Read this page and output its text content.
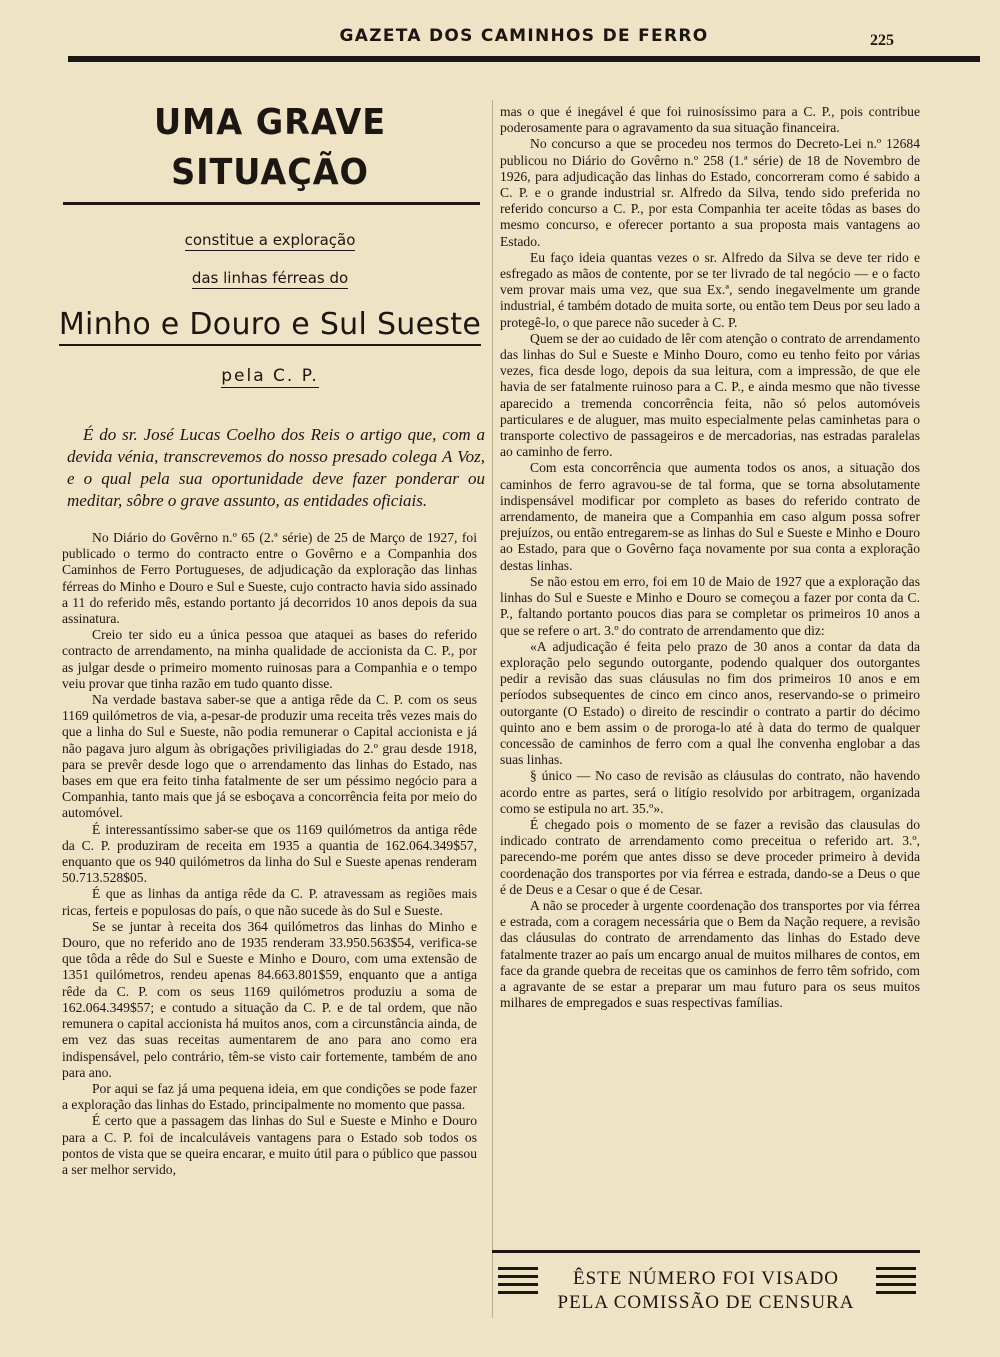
GAZETA DOS CAMINHOS DE FERRO	225
UMA GRAVE SITUAÇÃO

constitue a exploração

das linhas férreas do

Minho e Douro e Sul Sueste

pela C. P.

É do sr. José Lucas Coelho dos Reis o artigo que, com a devida vénia, transcrevemos do nosso presado colega A Voz, e o qual pela sua oportunidade deve fazer ponderar ou meditar, sôbre o grave assunto, as entidades oficiais.

No Diário do Govêrno n.º 65 (2.ª série) de 25 de Março de 1927, foi publicado o termo do contracto entre o Govêrno e a Companhia dos Caminhos de Ferro Portugueses, de adjudicação da exploração das linhas férreas do Minho e Douro e Sul e Sueste, cujo contracto havia sido assinado a 11 do referido mês, estando portanto já decorridos 10 anos depois da sua assinatura.

Creio ter sido eu a única pessoa que ataquei as bases do referido contracto de arrendamento, na minha qualidade de accionista da C. P., por as julgar desde o primeiro momento ruinosas para a Companhia e o tempo veiu provar que tinha razão em tudo quanto disse.

Na verdade bastava saber-se que a antiga rêde da C. P. com os seus 1169 quilómetros de via, a-pesar-de produzir uma receita três vezes mais do que a linha do Sul e Sueste, não podia remunerar o Capital accionista e já não pagava juro algum às obrigações priviligiadas do 2.º grau desde 1918, para se prevêr desde logo que o arrendamento das linhas do Estado, nas bases em que era feito tinha fatalmente de ser um péssimo negócio para a Companhia, tanto mais que já se esboçava a concorrência feita por meio do automóvel.

É interessantíssimo saber-se que os 1169 quilómetros da antiga rêde da C. P. produziram de receita em 1935 a quantia de 162.064.349$57, enquanto que os 940 quilómetros da linha do Sul e Sueste apenas renderam 50.713.528$05.

É que as linhas da antiga rêde da C. P. atravessam as regiões mais ricas, ferteis e populosas do país, o que não sucede às do Sul e Sueste.

Se se juntar à receita dos 364 quilómetros das linhas do Minho e Douro, que no referido ano de 1935 renderam 33.950.563$54, verifica-se que tôda a rêde do Sul e Sueste e Minho e Douro, com uma extensão de 1351 quilómetros, rendeu apenas 84.663.801$59, enquanto que a antiga rêde da C. P. com os seus 1169 quilómetros produziu a soma de 162.064.349$57; e contudo a situação da C. P. e de tal ordem, que não remunera o capital accionista há muitos anos, com a circunstância ainda, de em vez das suas receitas aumentarem de ano para ano como era indispensável, pelo contrário, têm-se visto cair fortemente, também de ano para ano.

Por aqui se faz já uma pequena ideia, em que condições se pode fazer a exploração das linhas do Estado, principalmente no momento que passa.

É certo que a passagem das linhas do Sul e Sueste e Minho e Douro para a C. P. foi de incalculáveis vantagens para o Estado sob todos os pontos de vista que se queira encarar, e muito útil para o público que passou a ser melhor servido,

mas o que é inegável é que foi ruinosíssimo para a C. P., pois contribue poderosamente para o agravamento da sua situação financeira.

No concurso a que se procedeu nos termos do Decreto-Lei n.º 12684 publicou no Diário do Govêrno n.º 258 (1.ª série) de 18 de Novembro de 1926, para adjudicação das linhas do Estado, concorreram como é sabido a C. P. e o grande industrial sr. Alfredo da Silva, tendo sido preferida no referido concurso a C. P., por esta Companhia ter aceite tôdas as bases do mesmo concurso, e oferecer portanto a sua proposta mais vantagens ao Estado.

Eu faço ideia quantas vezes o sr. Alfredo da Silva se deve ter rido e esfregado as mãos de contente, por se ter livrado de tal negócio — e o facto vem provar mais uma vez, que sua Ex.ª, sendo inegavelmente um grande industrial, é também dotado de muita sorte, ou então tem Deus por seu lado a protegê-lo, o que parece não suceder à C. P.

Quem se der ao cuidado de lêr com atenção o contrato de arrendamento das linhas do Sul e Sueste e Minho Douro, como eu tenho feito por várias vezes, fica desde logo, depois da sua leitura, com a impressão, de que ele havia de ser fatalmente ruinoso para a C. P., e ainda mesmo que não tivesse aparecido a tremenda concorrência feita, não só pelos automóveis particulares e de aluguer, mas muito especialmente pelas caminhetas para o transporte colectivo de passageiros e de mercadorias, nas estradas paralelas ao caminho de ferro.

Com esta concorrência que aumenta todos os anos, a situação dos caminhos de ferro agravou-se de tal forma, que se torna absolutamente indispensável modificar por completo as bases do referido contrato de arrendamento, de maneira que a Companhia em caso algum possa sofrer prejuízos, ou então entregarem-se as linhas do Sul e Sueste e Minho e Douro ao Estado, para que o Govêrno faça novamente por sua conta a exploração destas linhas.

Se não estou em erro, foi em 10 de Maio de 1927 que a exploração das linhas do Sul e Sueste e Minho e Douro se começou a fazer por conta da C. P., faltando portanto poucos dias para se completar os primeiros 10 anos a que se refere o art. 3.º do contrato de arrendamento que diz:

«A adjudicação é feita pelo prazo de 30 anos a contar da data da exploração pelo segundo outorgante, podendo qualquer dos outorgantes pedir a revisão das suas cláusulas no fim dos primeiros 10 anos e em períodos subsequentes de cinco em cinco anos, reservando-se o primeiro outorgante (O Estado) o direito de rescindir o contrato a partir do décimo quinto ano e bem assim o de proroga-lo até à data do termo de qualquer concessão de caminhos de ferro com a qual lhe convenha englobar a das suas linhas.

§ único — No caso de revisão as cláusulas do contrato, não havendo acordo entre as partes, será o litígio resolvido por arbitragem, organizada como se estipula no art. 35.º».

É chegado pois o momento de se fazer a revisão das clausulas do indicado contrato de arrendamento como preceitua o referido art. 3.º, parecendo-me porém que antes disso se deve proceder primeiro à devida coordenação dos transportes por via férrea e estrada, dando-se a Deus o que é de Deus e a Cesar o que é de Cesar.

A não se proceder à urgente coordenação dos transportes por via férrea e estrada, com a coragem necessária que o Bem da Nação requere, a revisão das cláusulas do contrato de arrendamento das linhas do Estado deve fatalmente trazer ao país um encargo anual de muitos milhares de contos, em face da grande quebra de receitas que os caminhos de ferro têm sofrido, com a agravante de se estar a preparar um mau futuro para os seus muitos milhares de empregados e suas respectivas famílias.

ÊSTE NÚMERO FOI VISADO
PELA COMISSÃO DE CENSURA
